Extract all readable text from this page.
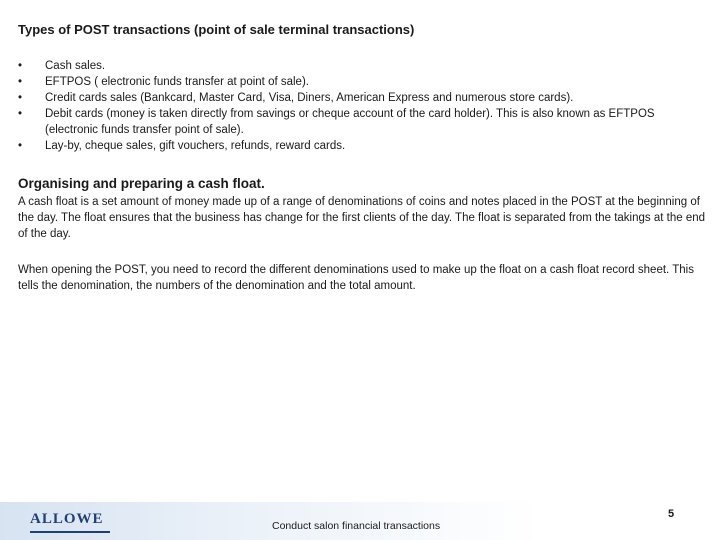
Types of POST transactions (point of sale terminal transactions)
• Cash sales.
• EFTPOS ( electronic funds transfer at point of sale).
• Credit cards sales (Bankcard, Master Card, Visa, Diners, American Express and numerous store cards).
• Debit cards (money is taken directly from savings or cheque account of the card holder). This is also known as EFTPOS (electronic funds transfer point of sale).
• Lay-by, cheque sales, gift vouchers, refunds, reward cards.
Organising and preparing a cash float.
A cash float is a set amount of money made up of a range of denominations of coins and notes placed in the POST at the beginning of the day. The float ensures that the business has change for the first clients of the day. The float is separated from the takings at the end of the day.
When opening the POST, you need to record the different denominations used to make up the float on a cash float record sheet. This tells the denomination, the numbers of the denomination and the total amount.
ALLOWE	Conduct salon financial transactions
5
